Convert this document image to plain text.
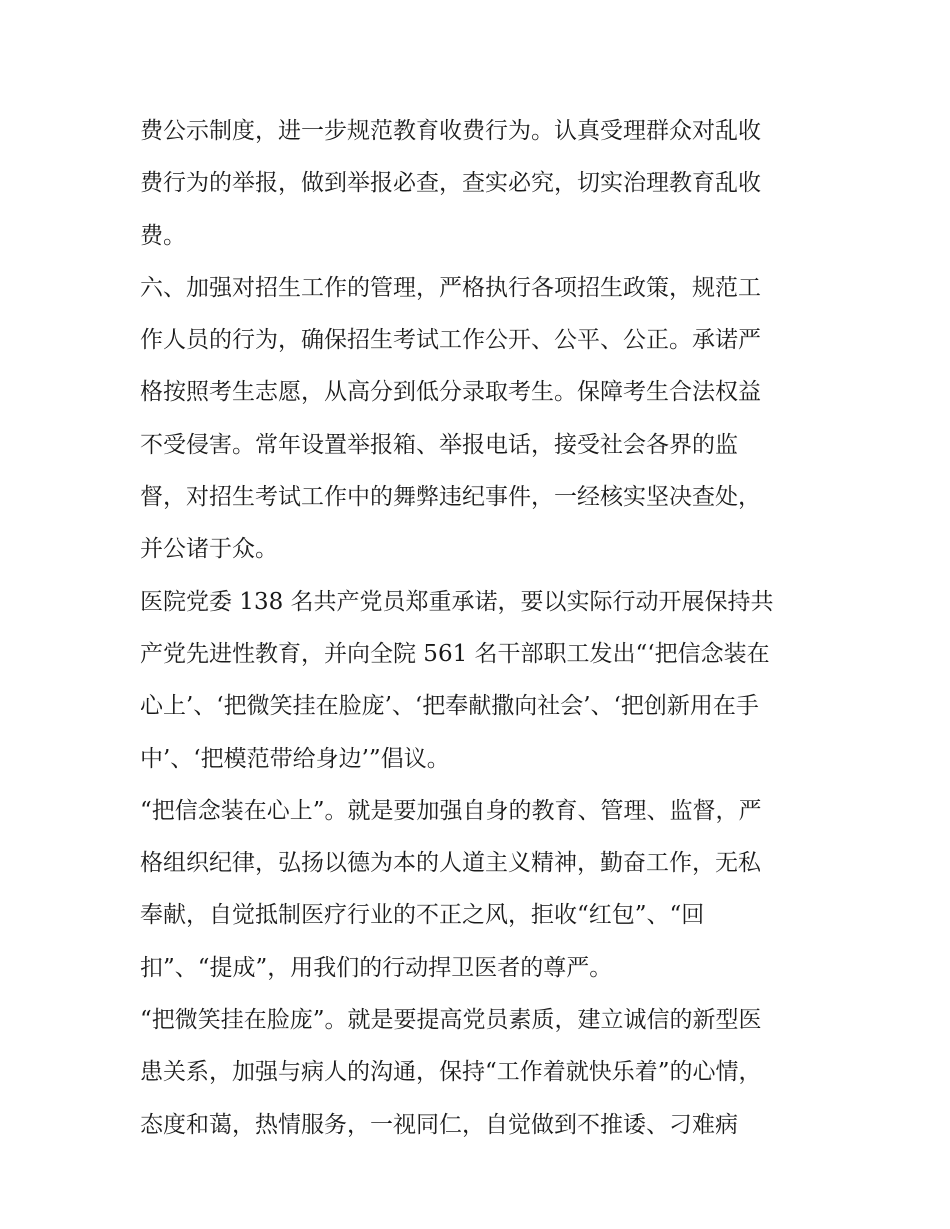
费公示制度，进一步规范教育收费行为。认真受理群众对乱收
费行为的举报，做到举报必查，查实必究，切实治理教育乱收
费。
六、加强对招生工作的管理，严格执行各项招生政策，规范工
作人员的行为，确保招生考试工作公开、公平、公正。承诺严
格按照考生志愿，从高分到低分录取考生。保障考生合法权益
不受侵害。常年设置举报箱、举报电话，接受社会各界的监
督，对招生考试工作中的舞弊违纪事件，一经核实坚决查处，
并公诸于众。
医院党委 138 名共产党员郑重承诺，要以实际行动开展保持共
产党先进性教育，并向全院 561 名干部职工发出“‘把信念装在
心上’、‘把微笑挂在脸庞’、‘把奉献撒向社会’、‘把创新用在手
中’、‘把模范带给身边’”倡议。
“把信念装在心上”。就是要加强自身的教育、管理、监督，严
格组织纪律，弘扬以德为本的人道主义精神，勤奋工作，无私
奉献，自觉抵制医疗行业的不正之风，拒收“红包”、“回
扣”、“提成”，用我们的行动捍卫医者的尊严。
“把微笑挂在脸庞”。就是要提高党员素质，建立诚信的新型医
患关系，加强与病人的沟通，保持“工作着就快乐着”的心情，
态度和蔼，热情服务，一视同仁，自觉做到不推诿、刁难病
